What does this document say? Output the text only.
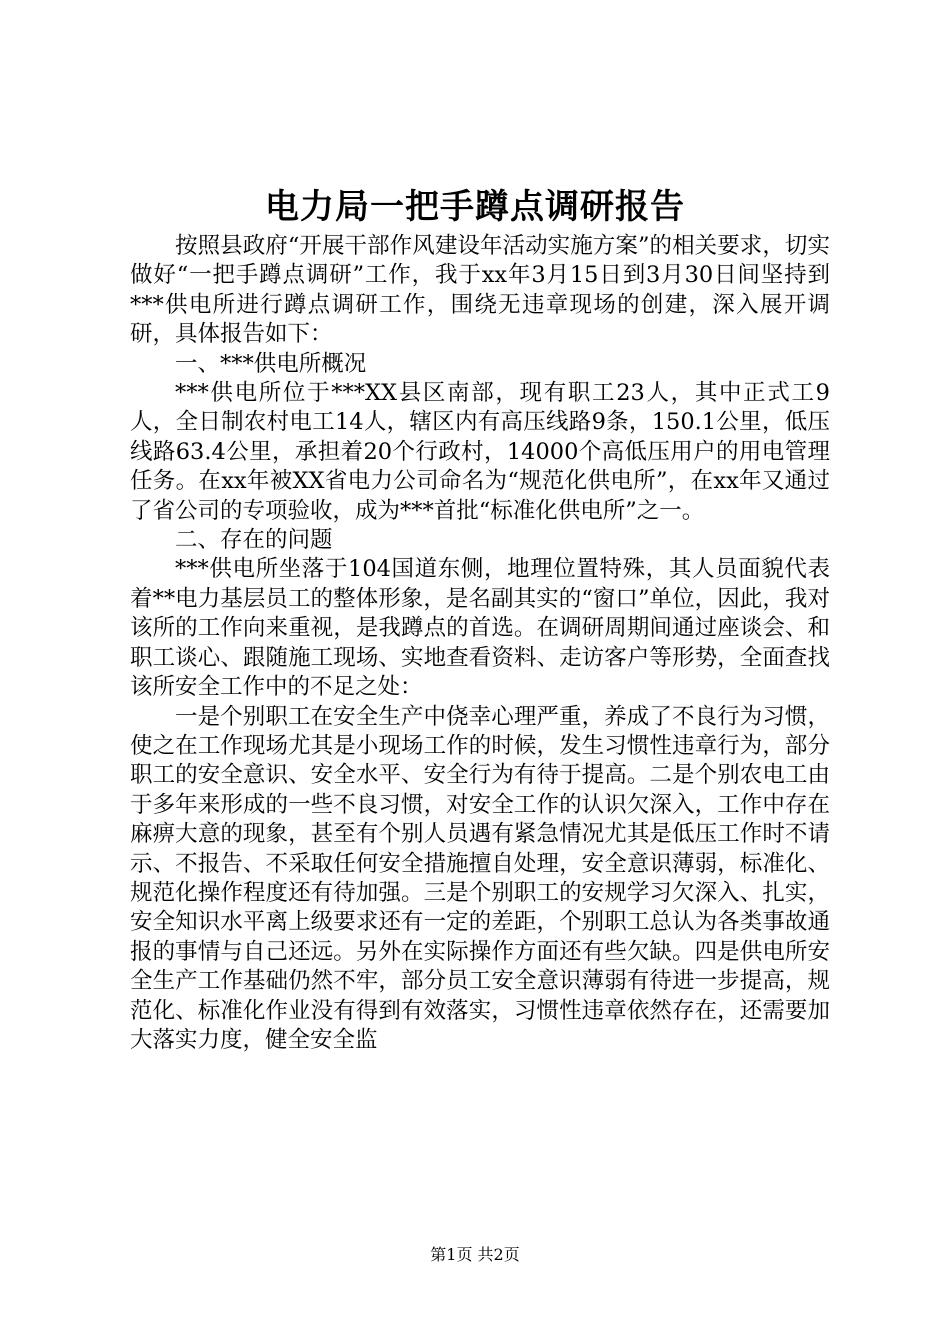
电力局一把手蹲点调研报告

按照县政府“开展干部作风建设年活动实施方案”的相关要求，切实做好“一把手蹲点调研”工作，我于xx年3月15日到3月30日间坚持到***供电所进行蹲点调研工作，围绕无违章现场的创建，深入展开调研，具体报告如下：

一、***供电所概况

***供电所位于***XX县区南部，现有职工23人，其中正式工9人，全日制农村电工14人，辖区内有高压线路9条，150.1公里，低压线路63.4公里，承担着20个行政村，14000个高低压用户的用电管理任务。在xx年被XX省电力公司命名为“规范化供电所”，在xx年又通过了省公司的专项验收，成为***首批“标准化供电所”之一。

二、存在的问题

***供电所坐落于104国道东侧，地理位置特殊，其人员面貌代表着**电力基层员工的整体形象，是名副其实的“窗口”单位，因此，我对该所的工作向来重视，是我蹲点的首选。在调研周期间通过座谈会、和职工谈心、跟随施工现场、实地查看资料、走访客户等形势，全面查找该所安全工作中的不足之处：

一是个别职工在安全生产中侥幸心理严重，养成了不良行为习惯，使之在工作现场尤其是小现场工作的时候，发生习惯性违章行为，部分职工的安全意识、安全水平、安全行为有待于提高。二是个别农电工由于多年来形成的一些不良习惯，对安全工作的认识欠深入，工作中存在麻痹大意的现象，甚至有个别人员遇有紧急情况尤其是低压工作时不请示、不报告、不采取任何安全措施擅自处理，安全意识薄弱，标准化、规范化操作程度还有待加强。三是个别职工的安规学习欠深入、扎实，安全知识水平离上级要求还有一定的差距，个别职工总认为各类事故通报的事情与自己还远。另外在实际操作方面还有些欠缺。四是供电所安全生产工作基础仍然不牢，部分员工安全意识薄弱有待进一步提高，规范化、标准化作业没有得到有效落实，习惯性违章依然存在，还需要加大落实力度，健全安全监

第1页 共2页
